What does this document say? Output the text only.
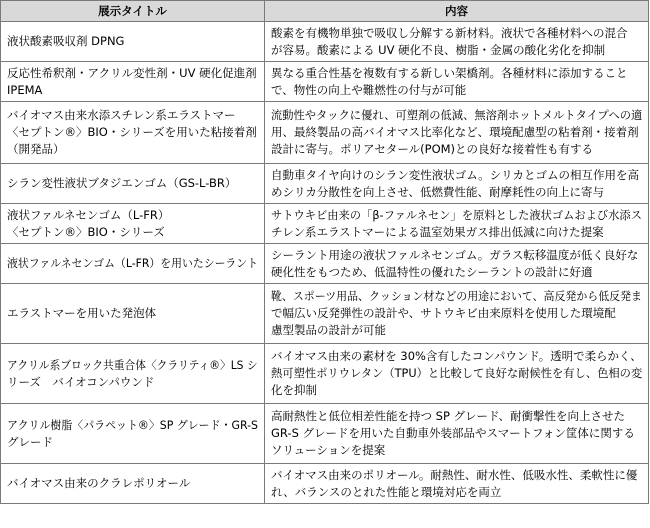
展示タイトル	内容

液状酸素吸収剤 DPNG	酸素を有機物単独で吸収し分解する新材料。液状で各種材料への混合
が容易。酸素による UV 硬化不良、樹脂・金属の酸化劣化を抑制

反応性希釈剤・アクリル変性剤・UV 硬化促進剤
IPEMA	異なる重合性基を複数有する新しい架橋剤。各種材料に添加すること
で、物性の向上や難燃性の付与が可能

バイオマス由来水添スチレン系エラストマー
〈セプトン®〉BIO・シリーズを用いた粘接着剤
（開発品）	流動性やタックに優れ、可塑剤の低減、無溶剤ホットメルトタイプへの適
用、最終製品の高バイオマス比率化など、環境配慮型の粘着剤・接着剤
設計に寄与。ポリアセタール(POM)との良好な接着性も有する

シラン変性液状ブタジエンゴム（GS-L-BR）	自動車タイヤ向けのシラン変性液状ゴム。シリカとゴムの相互作用を高
めシリカ分散性を向上させ、低燃費性能、耐摩耗性の向上に寄与

液状ファルネセンゴム（L-FR）
〈セプトン®〉BIO・シリーズ	サトウキビ由来の「β‐ファルネセン」を原料とした液状ゴムおよび水添ス
チレン系エラストマーによる温室効果ガス排出低減に向けた提案

液状ファルネセンゴム（L-FR）を用いたシーラント	シーラント用途の液状ファルネセンゴム。ガラス転移温度が低く良好な
硬化性をもつため、低温特性の優れたシーラントの設計に好適

エラストマーを用いた発泡体	靴、スポーツ用品、クッション材などの用途において、高反発から低反発ま
で幅広い反発弾性の設計や、サトウキビ由来原料を使用した環境配
慮型製品の設計が可能

アクリル系ブロック共重合体〈クラリティ®〉LS シ
リーズ　バイオコンパウンド	バイオマス由来の素材を 30%含有したコンパウンド。透明で柔らかく、
熱可塑性ポリウレタン（TPU）と比較して良好な耐候性を有し、色相の変
化を抑制

アクリル樹脂〈パラペット®〉SP グレード・GR-S
グレード	高耐熱性と低位相差性能を持つ SP グレード、耐衝撃性を向上させた
GR-S グレードを用いた自動車外装部品やスマートフォン筐体に関する
ソリューションを提案

バイオマス由来のクラレポリオール	バイオマス由来のポリオール。耐熱性、耐水性、低吸水性、柔軟性に優
れ、バランスのとれた性能と環境対応を両立
